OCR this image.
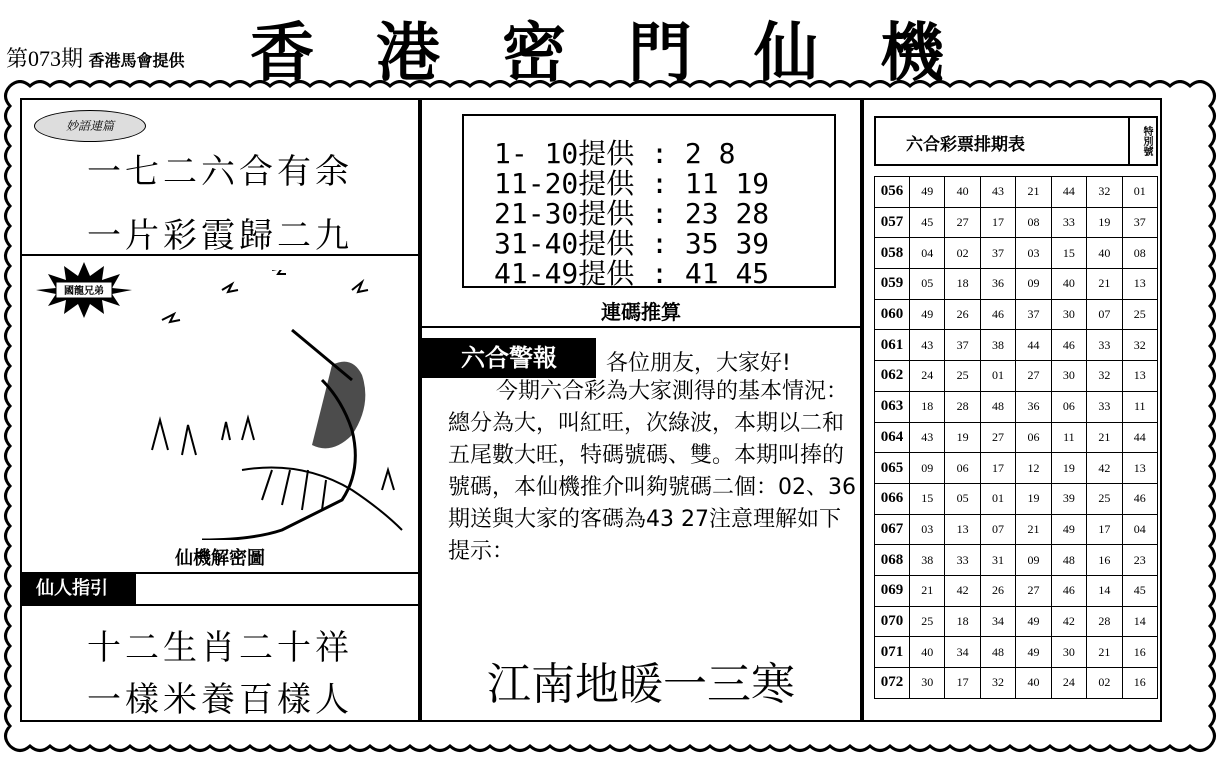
第073期 香港馬會提供 香港密門仙機
妙語連篇
一七二六合有余
一片彩霞歸二九
國龍兄弟
仙機解密圖
仙人指引
十二生肖二十祥
一樣米養百樣人
1- 10提供 : 2 8
11-20提供 : 11 19
21-30提供 : 23 28
31-40提供 : 35 39
41-49提供 : 41 45
連碼推算
六合警報	各位朋友，大家好!
今期六合彩為大家測得的基本情況：總分為大，叫紅旺，次綠波，本期以二和五尾數大旺，特碼號碼、雙。本期叫捧的號碼，本仙機推介叫夠號碼二個：02、36期送與大家的客碼為43 27注意理解如下提示：
江南地暖一三寒
六合彩票排期表	特別號
056	49	40	43	21	44	32	01
057	45	27	17	08	33	19	37
058	04	02	37	03	15	40	08
059	05	18	36	09	40	21	13
060	49	26	46	37	30	07	25
061	43	37	38	44	46	33	32
062	24	25	01	27	30	32	13
063	18	28	48	36	06	33	11
064	43	19	27	06	11	21	44
065	09	06	17	12	19	42	13
066	15	05	01	19	39	25	46
067	03	13	07	21	49	17	04
068	38	33	31	09	48	16	23
069	21	42	26	27	46	14	45
070	25	18	34	49	42	28	14
071	40	34	48	49	30	21	16
072	30	17	32	40	24	02	16
